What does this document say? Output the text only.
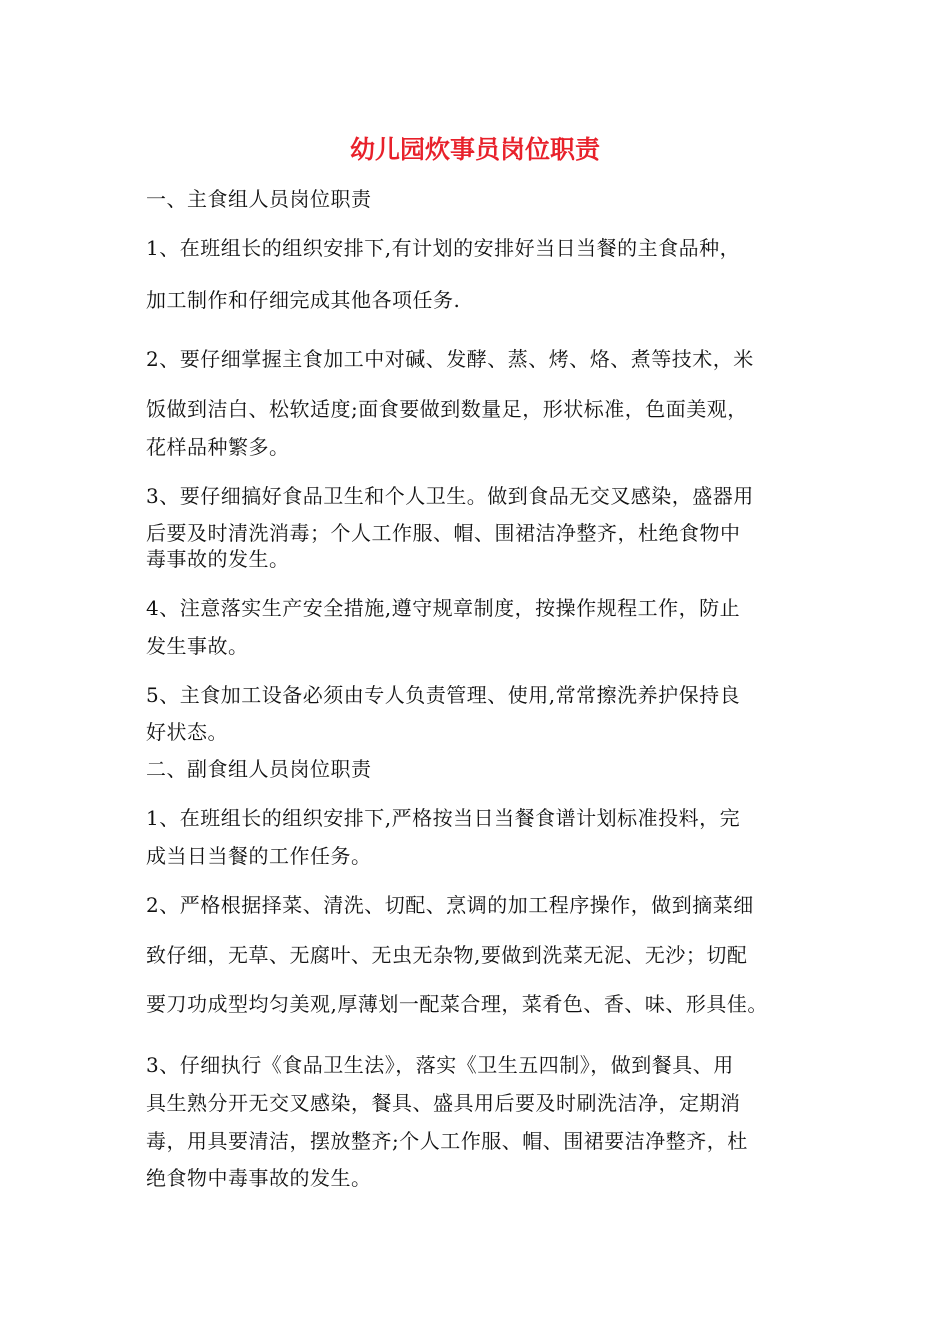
幼儿园炊事员岗位职责
一、主食组人员岗位职责
1、在班组长的组织安排下,有计划的安排好当日当餐的主食品种，
加工制作和仔细完成其他各项任务.
2、要仔细掌握主食加工中对碱、发酵、蒸、烤、烙、煮等技术，米
饭做到洁白、松软适度;面食要做到数量足，形状标准，色面美观，
花样品种繁多。
3、要仔细搞好食品卫生和个人卫生。做到食品无交叉感染，盛器用
后要及时清洗消毒；个人工作服、帽、围裙洁净整齐，杜绝食物中
毒事故的发生。
4、注意落实生产安全措施,遵守规章制度，按操作规程工作，防止
发生事故。
5、主食加工设备必须由专人负责管理、使用,常常擦洗养护保持良
好状态。
二、副食组人员岗位职责
1、在班组长的组织安排下,严格按当日当餐食谱计划标准投料，完
成当日当餐的工作任务。
2、严格根据择菜、清洗、切配、烹调的加工程序操作，做到摘菜细
致仔细，无草、无腐叶、无虫无杂物,要做到洗菜无泥、无沙；切配
要刀功成型均匀美观,厚薄划一配菜合理，菜肴色、香、味、形具佳。
3、仔细执行《食品卫生法》，落实《卫生五四制》，做到餐具、用
具生熟分开无交叉感染，餐具、盛具用后要及时刷洗洁净，定期消
毒，用具要清洁，摆放整齐;个人工作服、帽、围裙要洁净整齐，杜
绝食物中毒事故的发生。
